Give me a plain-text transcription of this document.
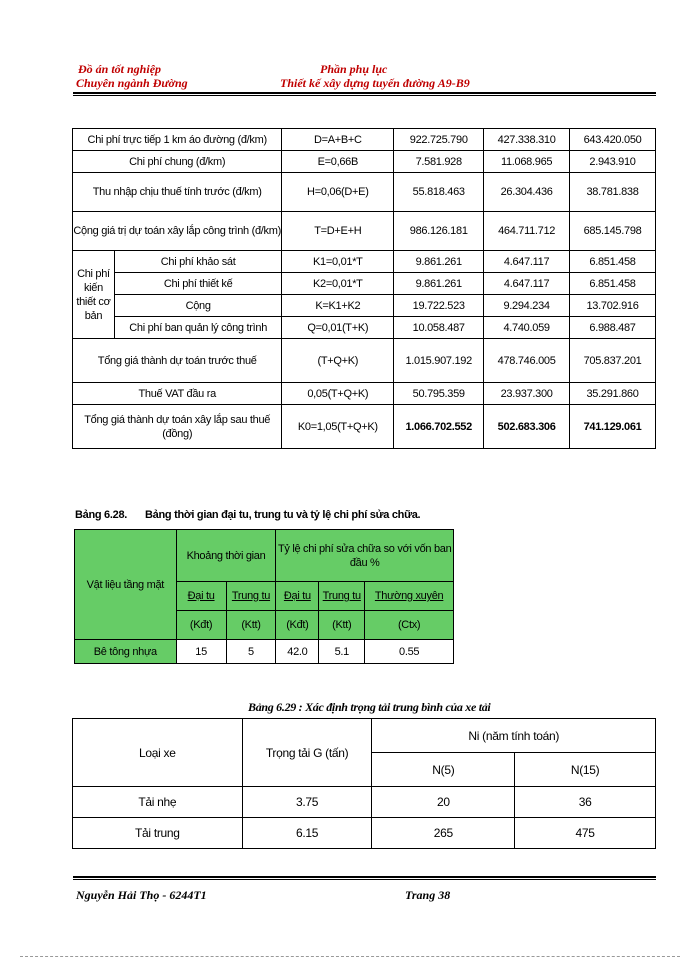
Đồ án tốt nghiệp
Chuyên ngành Đường
Phần phụ lục
Thiết kế xây dựng tuyến đường A9-B9
Chi phí trực tiếp 1 km áo đường (đ/km)		D=A+B+C	922.725.790	427.338.310	643.420.050
Chi phí chung (đ/km)		E=0,66B	7.581.928	11.068.965	2.943.910
Thu nhập chịu thuế tính trước (đ/km)		H=0,06(D+E)	55.818.463	26.304.436	38.781.838
Cộng giá trị dự toán xây lắp công trình (đ/km)		T=D+E+H	986.126.181	464.711.712	685.145.798
Chi phí kiến thiết cơ bản	Chi phí khảo sát	K1=0,01*T	9.861.261	4.647.117	6.851.458
	Chi phí thiết kế	K2=0,01*T	9.861.261	4.647.117	6.851.458
	Cộng	K=K1+K2	19.722.523	9.294.234	13.702.916
	Chi phí ban quản lý công trình	Q=0,01(T+K)	10.058.487	4.740.059	6.988.487
Tổng giá thành dự toán trước thuế		(T+Q+K)	1.015.907.192	478.746.005	705.837.201
Thuế VAT đầu ra		0,05(T+Q+K)	50.795.359	23.937.300	35.291.860
Tổng giá thành dự toán xây lắp sau thuế (đồng)		K0=1,05(T+Q+K)	1.066.702.552	502.683.306	741.129.061
Bảng 6.28. Bảng thời gian đại tu, trung tu và tỷ lệ chi phí sửa chữa.
Vật liệu tầng mặt	Khoảng thời gian		Tỷ lệ chi phí sửa chữa so với vốn ban đầu %		
	Đại tu	Trung tu	Đại tu	Trung tu	Thường xuyên
	(Kđt)	(Ktt)	(Kđt)	(Ktt)	(Ctx)
Bê tông nhựa	15	5	42.0	5.1	0.55
Bảng 6.29 : Xác định trọng tải trung bình của xe tải
Loại xe	Trọng tải G (tấn)	Ni (năm tính toán)	
		N(5)	N(15)
Tải nhẹ	3.75	20	36
Tải trung	6.15	265	475
Nguyễn Hải Thọ - 6244T1	Trang 38
